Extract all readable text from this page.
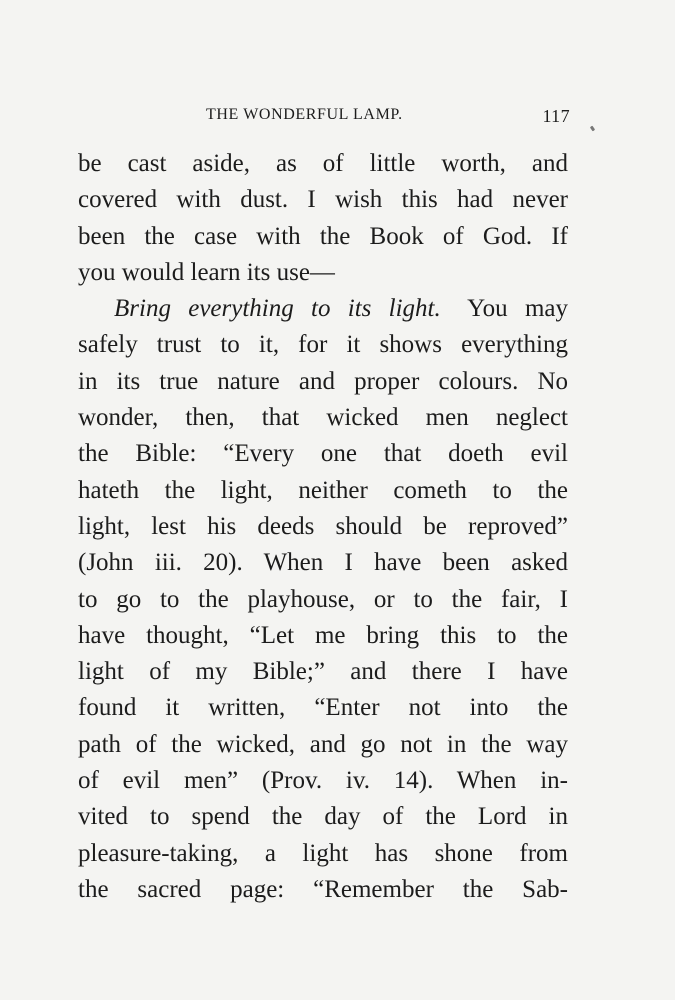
THE WONDERFUL LAMP.	117
be cast aside, as of little worth, and
covered with dust. I wish this had never
been the case with the Book of God. If
you would learn its use—
Bring everything to its light. You may
safely trust to it, for it shows everything
in its true nature and proper colours. No
wonder, then, that wicked men neglect
the Bible: “Every one that doeth evil
hateth the light, neither cometh to the
light, lest his deeds should be reproved”
(John iii. 20). When I have been asked
to go to the playhouse, or to the fair, I
have thought, “Let me bring this to the
light of my Bible;” and there I have
found it written, “Enter not into the
path of the wicked, and go not in the way
of evil men” (Prov. iv. 14). When in-
vited to spend the day of the Lord in
pleasure-taking, a light has shone from
the sacred page: “Remember the Sab-
